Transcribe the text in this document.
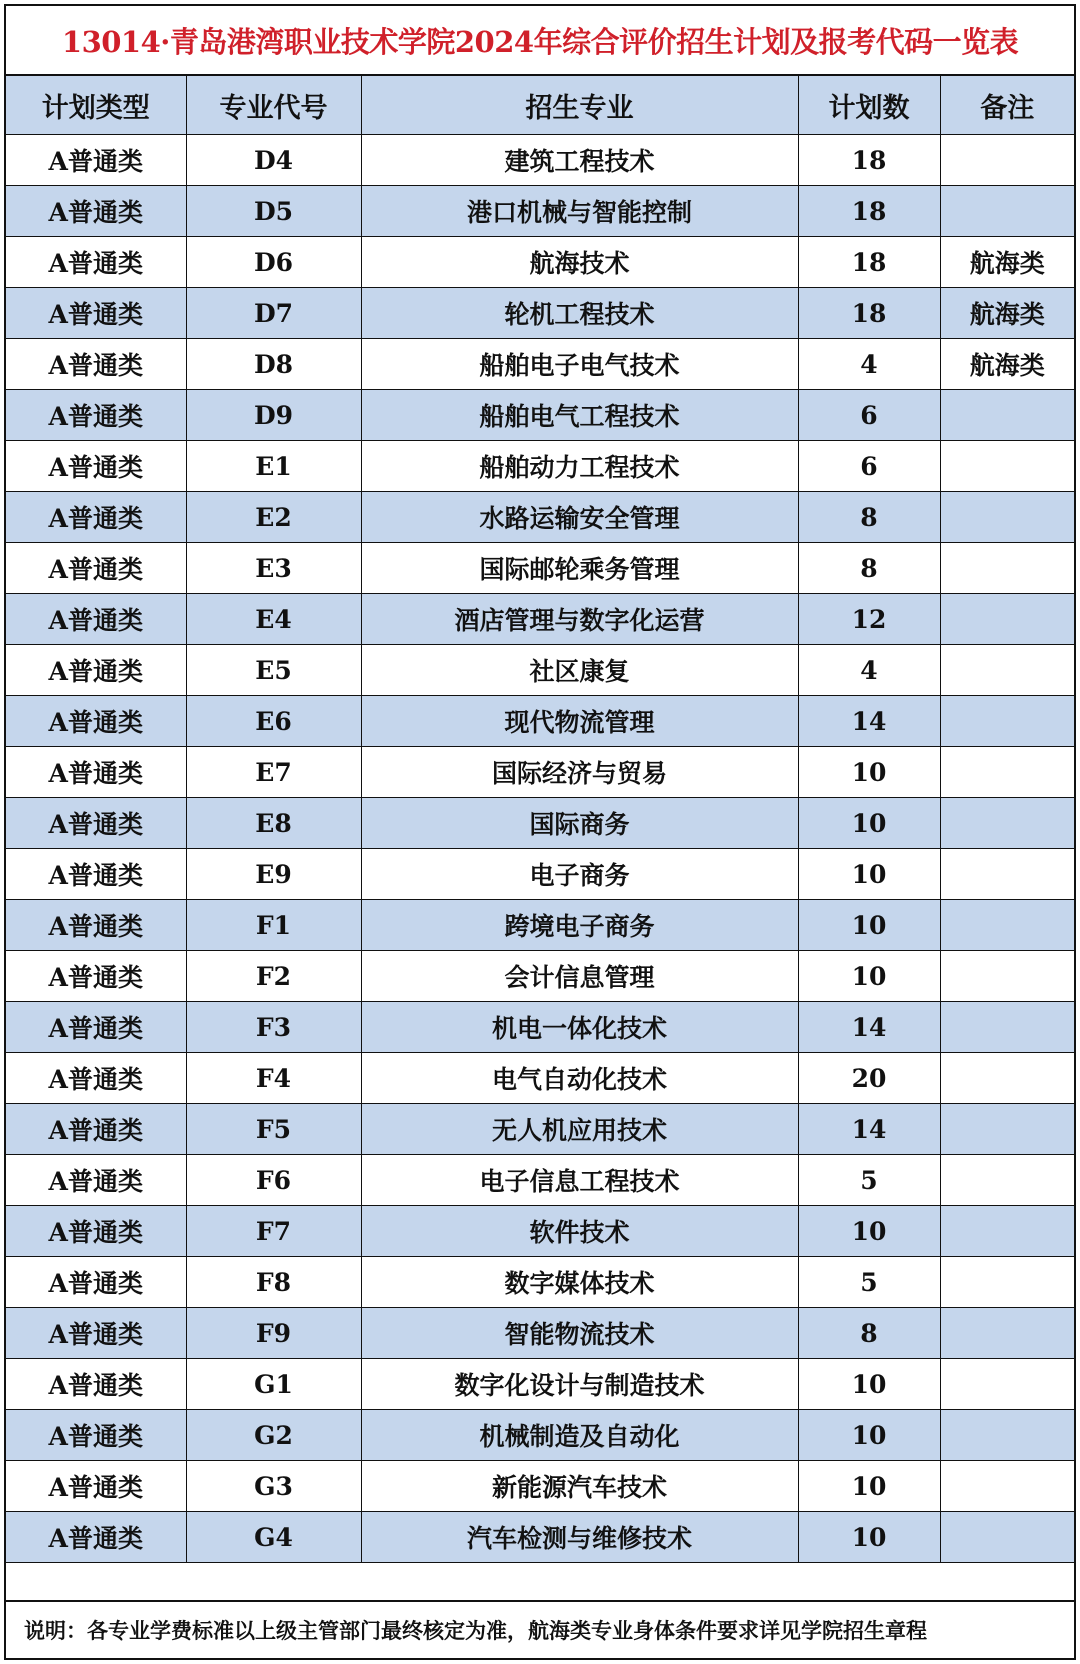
13014·青岛港湾职业技术学院2024年综合评价招生计划及报考代码一览表
计划类型	专业代号	招生专业	计划数	备注
A普通类	D4	建筑工程技术	18	
A普通类	D5	港口机械与智能控制	18	
A普通类	D6	航海技术	18	航海类
A普通类	D7	轮机工程技术	18	航海类
A普通类	D8	船舶电子电气技术	4	航海类
A普通类	D9	船舶电气工程技术	6	
A普通类	E1	船舶动力工程技术	6	
A普通类	E2	水路运输安全管理	8	
A普通类	E3	国际邮轮乘务管理	8	
A普通类	E4	酒店管理与数字化运营	12	
A普通类	E5	社区康复	4	
A普通类	E6	现代物流管理	14	
A普通类	E7	国际经济与贸易	10	
A普通类	E8	国际商务	10	
A普通类	E9	电子商务	10	
A普通类	F1	跨境电子商务	10	
A普通类	F2	会计信息管理	10	
A普通类	F3	机电一体化技术	14	
A普通类	F4	电气自动化技术	20	
A普通类	F5	无人机应用技术	14	
A普通类	F6	电子信息工程技术	5	
A普通类	F7	软件技术	10	
A普通类	F8	数字媒体技术	5	
A普通类	F9	智能物流技术	8	
A普通类	G1	数字化设计与制造技术	10	
A普通类	G2	机械制造及自动化	10	
A普通类	G3	新能源汽车技术	10	
A普通类	G4	汽车检测与维修技术	10	
说明：各专业学费标准以上级主管部门最终核定为准，航海类专业身体条件要求详见学院招生章程
